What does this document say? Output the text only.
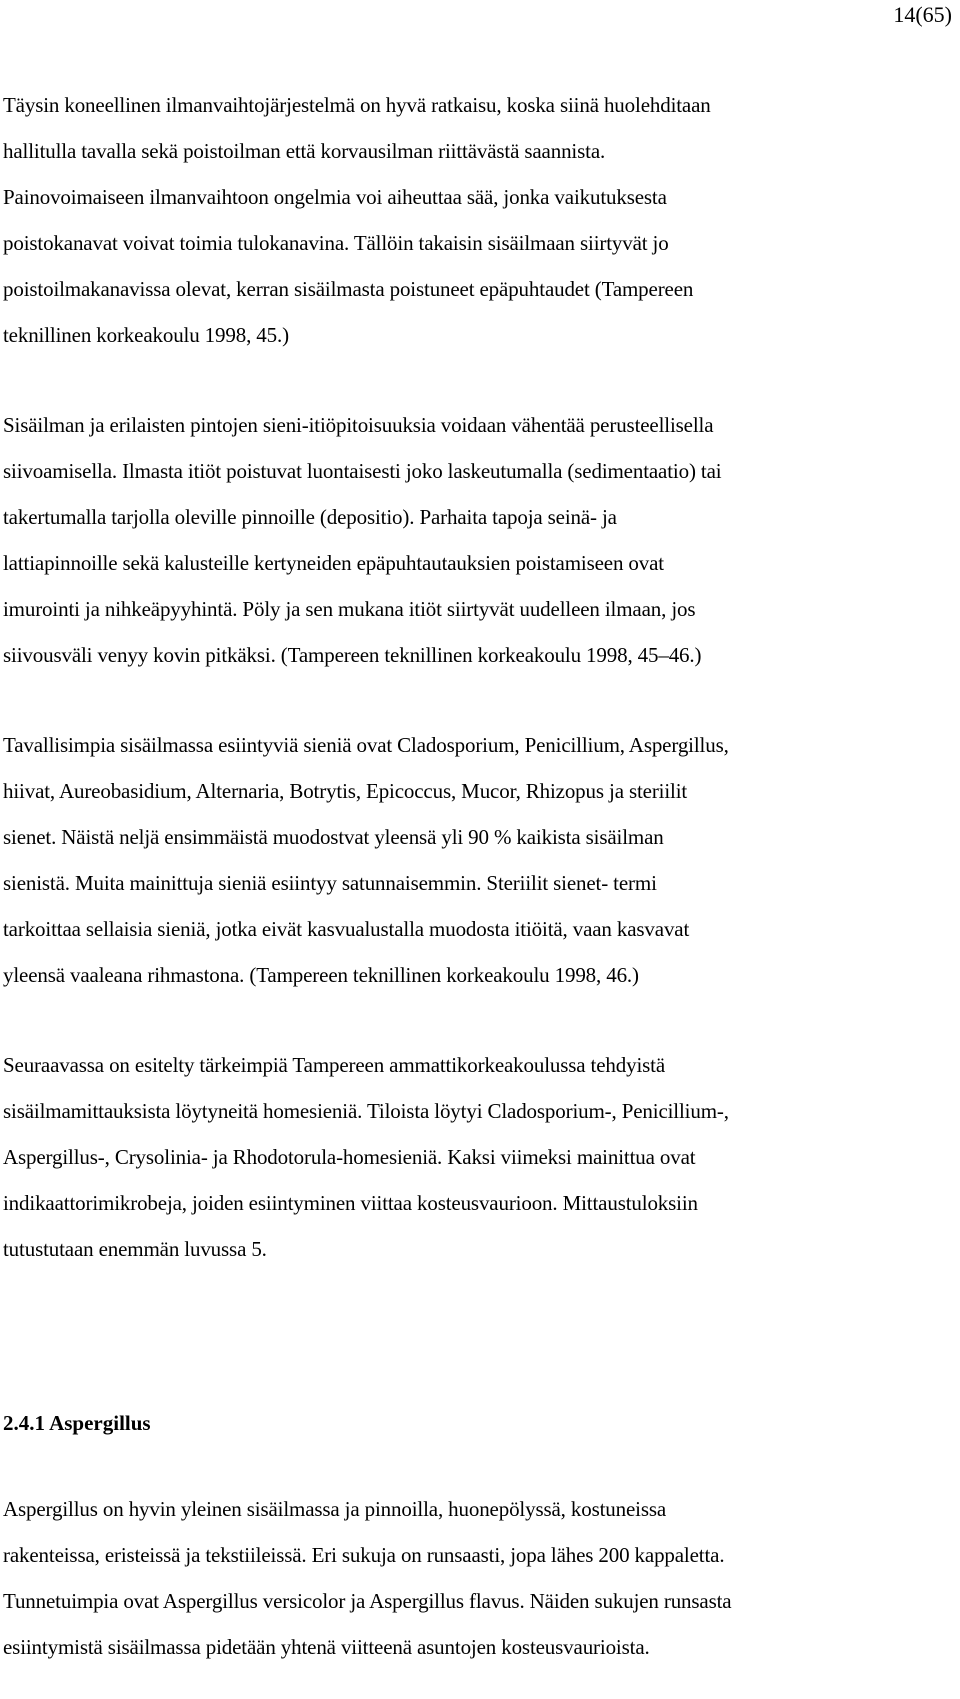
14(65)

Täysin koneellinen ilmanvaihtojärjestelmä on hyvä ratkaisu, koska siinä huolehditaan
hallitulla tavalla sekä poistoilman että korvausilman riittävästä saannista.
Painovoimaiseen ilmanvaihtoon ongelmia voi aiheuttaa sää, jonka vaikutuksesta
poistokanavat voivat toimia tulokanavina. Tällöin takaisin sisäilmaan siirtyvät jo
poistoilmakanavissa olevat, kerran sisäilmasta poistuneet epäpuhtaudet (Tampereen
teknillinen korkeakoulu 1998, 45.)

Sisäilman ja erilaisten pintojen sieni-itiöpitoisuuksia voidaan vähentää perusteellisella
siivoamisella. Ilmasta itiöt poistuvat luontaisesti joko laskeutumalla (sedimentaatio) tai
takertumalla tarjolla oleville pinnoille (depositio). Parhaita tapoja seinä- ja
lattiapinnoille sekä kalusteille kertyneiden epäpuhtautauksien poistamiseen ovat
imurointi ja nihkeäpyyhintä. Pöly ja sen mukana itiöt siirtyvät uudelleen ilmaan, jos
siivousväli venyy kovin pitkäksi. (Tampereen teknillinen korkeakoulu 1998, 45–46.)

Tavallisimpia sisäilmassa esiintyviä sieniä ovat Cladosporium, Penicillium, Aspergillus,
hiivat, Aureobasidium, Alternaria, Botrytis, Epicoccus, Mucor, Rhizopus ja steriilit
sienet. Näistä neljä ensimmäistä muodostvat yleensä yli 90 % kaikista sisäilman
sienistä. Muita mainittuja sieniä esiintyy satunnaisemmin. Steriilit sienet- termi
tarkoittaa sellaisia sieniä, jotka eivät kasvualustalla muodosta itiöitä, vaan kasvavat
yleensä vaaleana rihmastona. (Tampereen teknillinen korkeakoulu 1998, 46.)

Seuraavassa on esitelty tärkeimpiä Tampereen ammattikorkeakoulussa tehdyistä
sisäilmamittauksista löytyneitä homesieniä. Tiloista löytyi Cladosporium-, Penicillium-,
Aspergillus-, Crysolinia- ja Rhodotorula-homesieniä. Kaksi viimeksi mainittua ovat
indikaattorimikrobeja, joiden esiintyminen viittaa kosteusvaurioon. Mittaustuloksiin
tutustutaan enemmän luvussa 5.

2.4.1 Aspergillus

Aspergillus on hyvin yleinen sisäilmassa ja pinnoilla, huonepölyssä, kostuneissa
rakenteissa, eristeissä ja tekstiileissä. Eri sukuja on runsaasti, jopa lähes 200 kappaletta.
Tunnetuimpia ovat Aspergillus versicolor ja Aspergillus flavus. Näiden sukujen runsasta
esiintymistä sisäilmassa pidetään yhtenä viitteenä asuntojen kosteusvaurioista.
